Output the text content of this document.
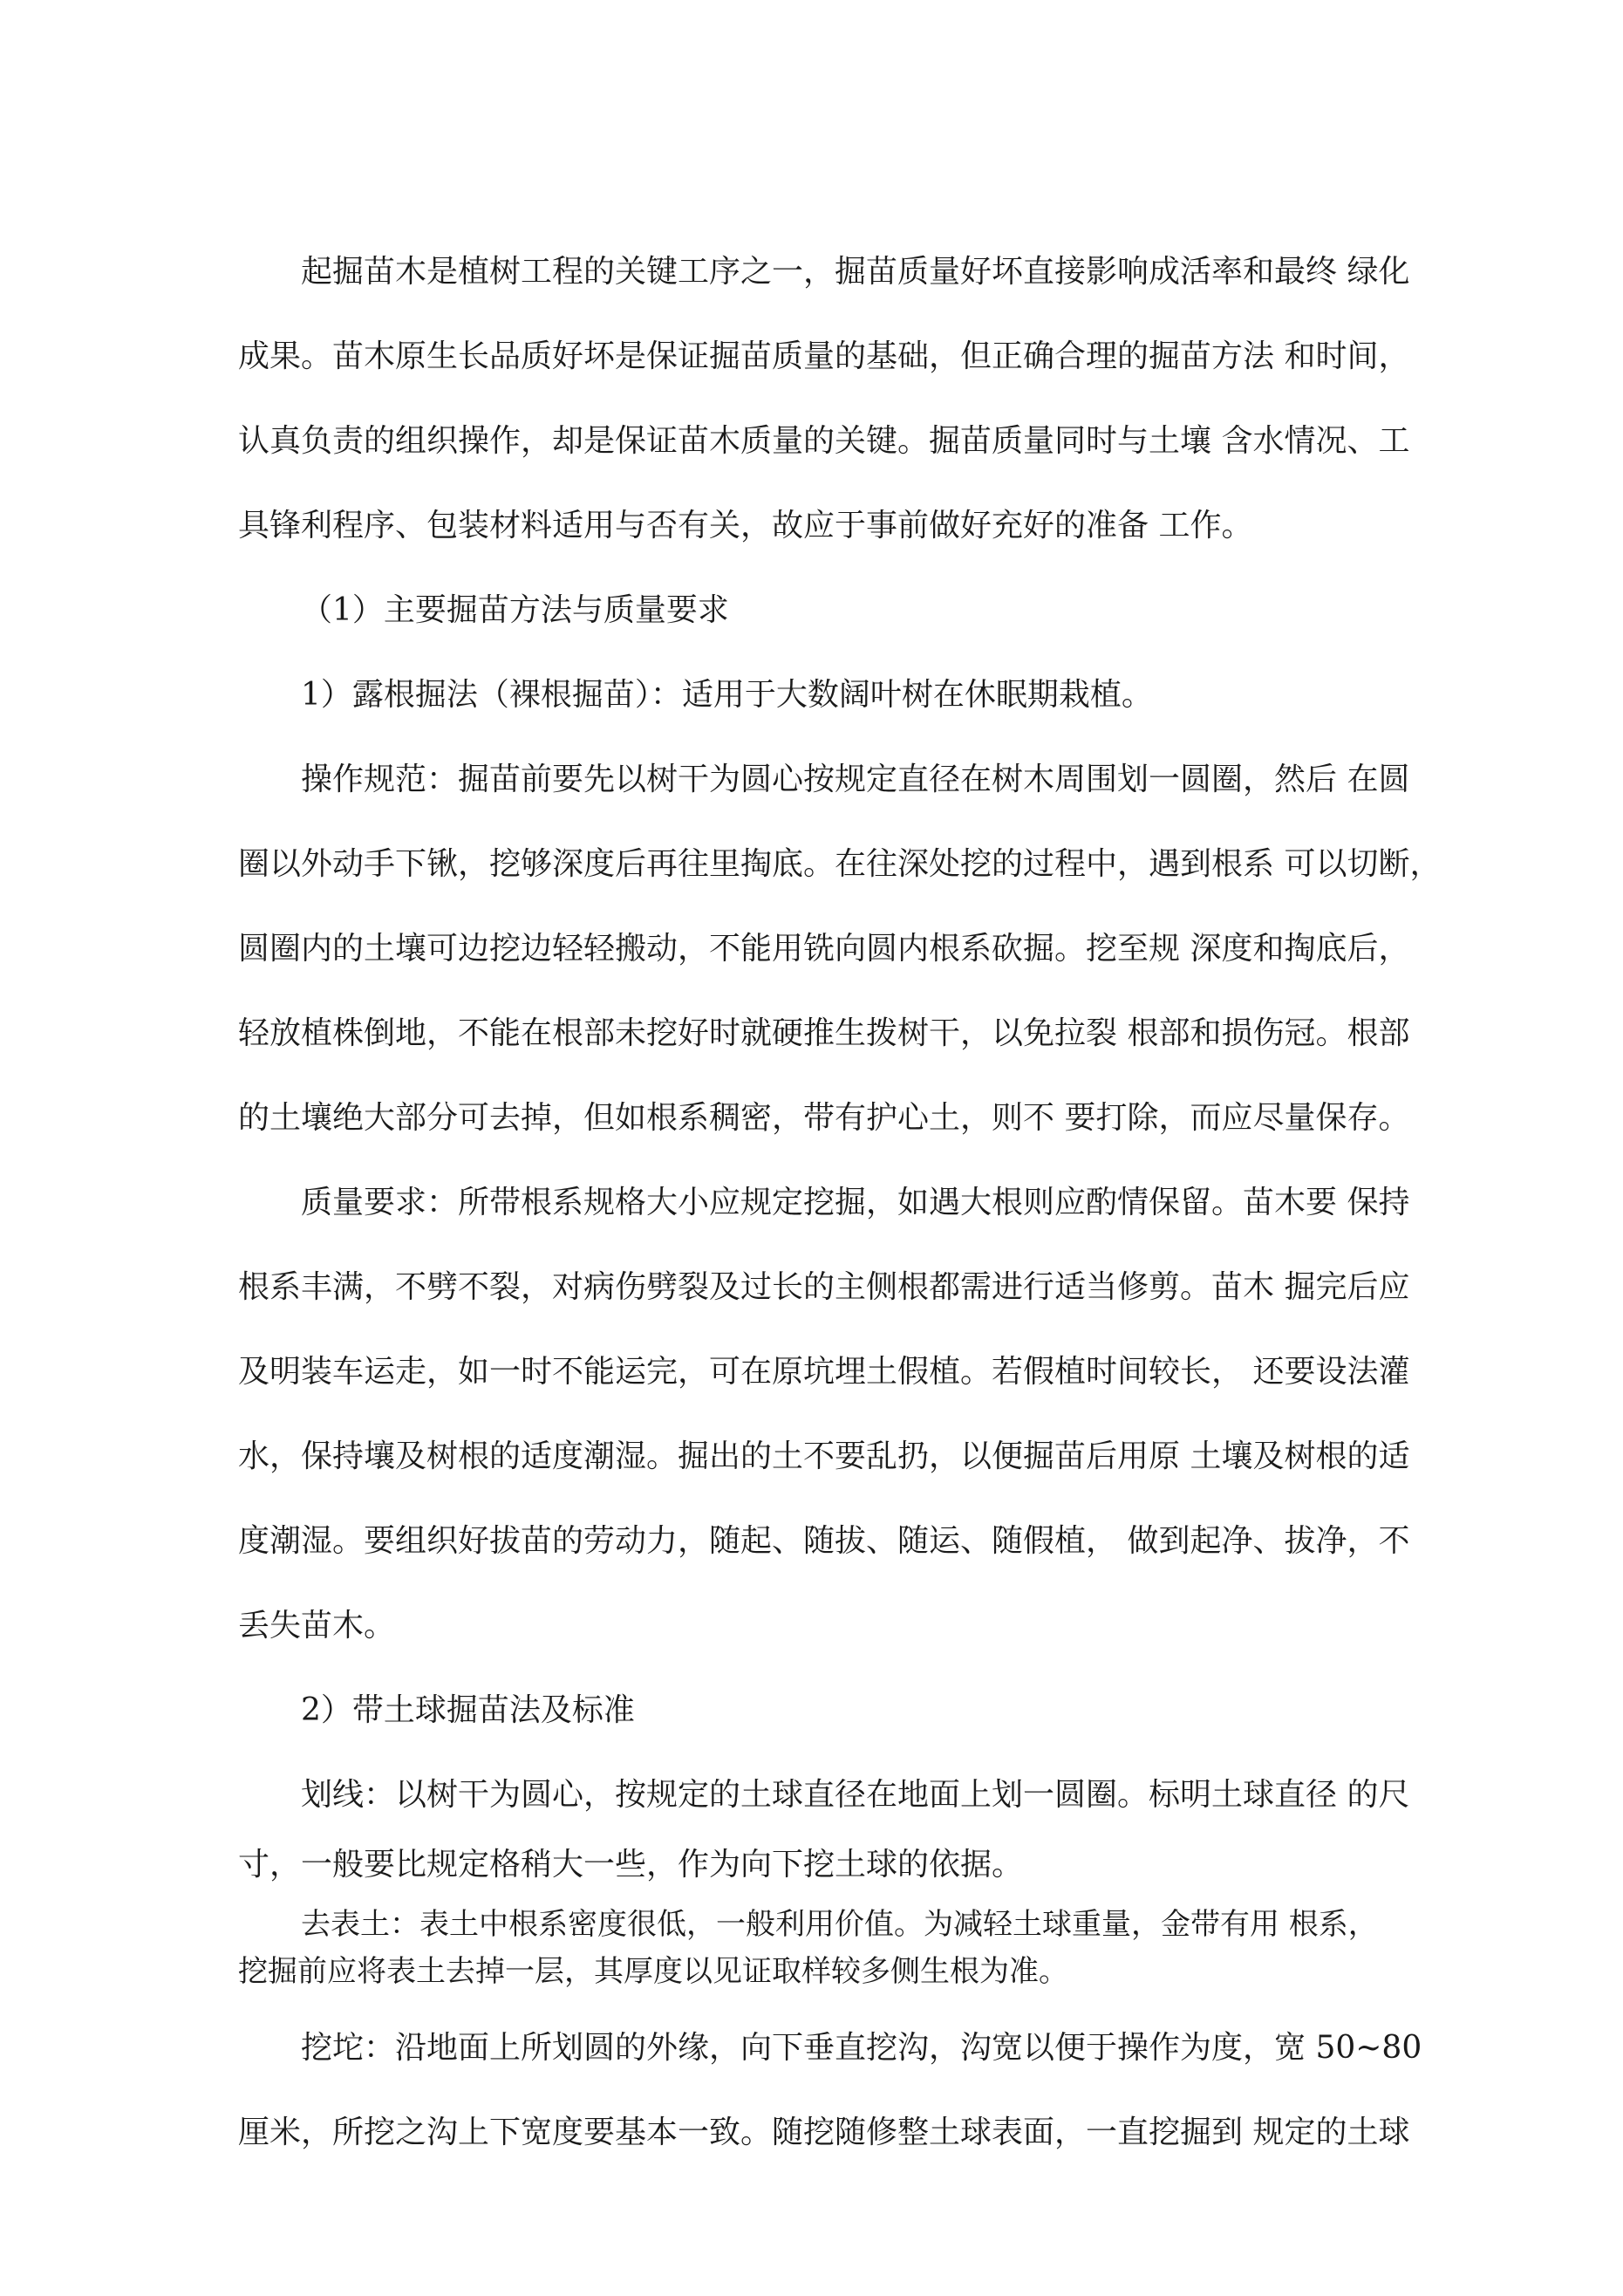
起掘苗木是植树工程的关键工序之一，掘苗质量好坏直接影响成活率和最终 绿化

成果。苗木原生长品质好坏是保证掘苗质量的基础，但正确合理的掘苗方法 和时间，

认真负责的组织操作，却是保证苗木质量的关键。掘苗质量同时与土壤 含水情况、工

具锋利程序、包装材料适用与否有关，故应于事前做好充好的准备 工作。

（1）主要掘苗方法与质量要求

1）露根掘法（裸根掘苗）：适用于大数阔叶树在休眠期栽植。

操作规范：掘苗前要先以树干为圆心按规定直径在树木周围划一圆圈，然后 在圆

圈以外动手下锹，挖够深度后再往里掏底。在往深处挖的过程中，遇到根系 可以切断，

圆圈内的土壤可边挖边轻轻搬动，不能用铣向圆内根系砍掘。挖至规 深度和掏底后，

轻放植株倒地，不能在根部未挖好时就硬推生拨树干，以免拉裂 根部和损伤冠。根部

的土壤绝大部分可去掉，但如根系稠密，带有护心土，则不 要打除，而应尽量保存。

质量要求：所带根系规格大小应规定挖掘，如遇大根则应酌情保留。苗木要 保持

根系丰满，不劈不裂，对病伤劈裂及过长的主侧根都需进行适当修剪。苗木 掘完后应

及明装车运走，如一时不能运完，可在原坑埋土假植。若假植时间较长， 还要设法灌

水，保持壤及树根的适度潮湿。掘出的土不要乱扔，以便掘苗后用原 土壤及树根的适

度潮湿。要组织好拔苗的劳动力，随起、随拔、随运、随假植， 做到起净、拔净，不

丢失苗木。

2）带土球掘苗法及标准

划线：以树干为圆心，按规定的土球直径在地面上划一圆圈。标明土球直径 的尺

寸，一般要比规定格稍大一些，作为向下挖土球的依据。

去表土：表土中根系密度很低，一般利用价值。为减轻土球重量，金带有用 根系，

挖掘前应将表土去掉一层，其厚度以见证取样较多侧生根为准。

挖坨：沿地面上所划圆的外缘，向下垂直挖沟，沟宽以便于操作为度，宽 50~80

厘米，所挖之沟上下宽度要基本一致。随挖随修整土球表面，一直挖掘到 规定的土球
